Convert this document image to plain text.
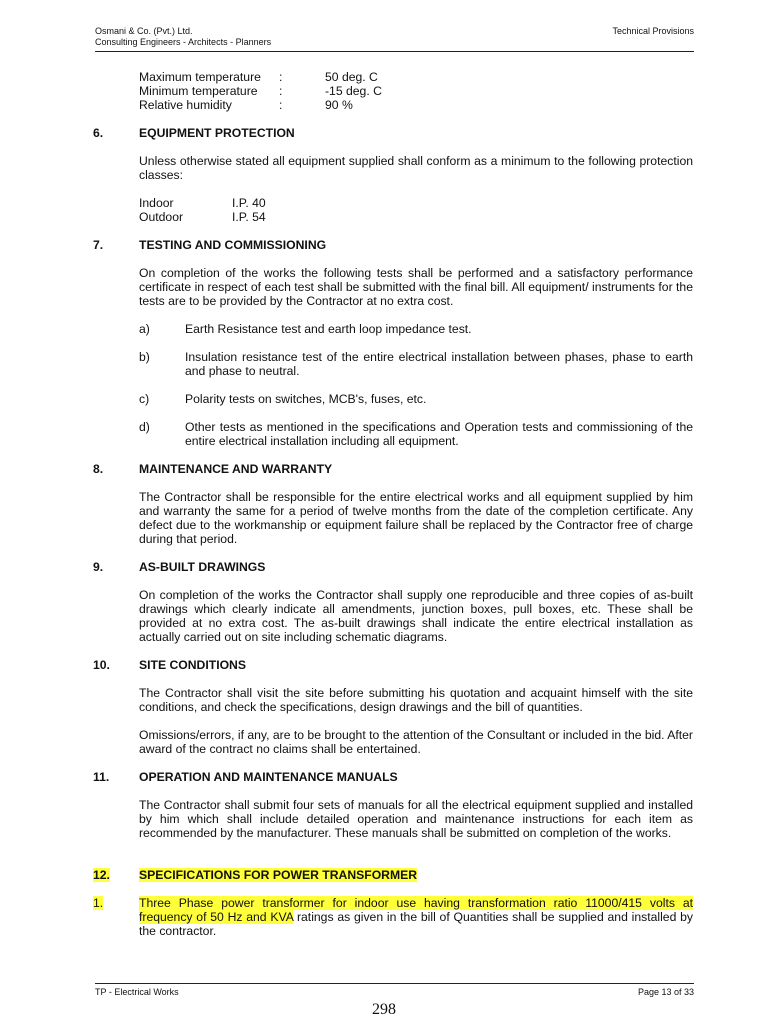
Osmani & Co. (Pvt.) Ltd.
Consulting Engineers - Architects - Planners
Technical Provisions
Maximum temperature :	50 deg. C
Minimum temperature :	-15 deg. C
Relative humidity	:	90 %
6.	EQUIPMENT PROTECTION
Unless otherwise stated all equipment supplied shall conform as a minimum to the following protection classes:
Indoor	I.P. 40
Outdoor	I.P. 54
7.	TESTING AND COMMISSIONING
On completion of the works the following tests shall be performed and a satisfactory performance certificate in respect of each test shall be submitted with the final bill. All equipment/ instruments for the tests are to be provided by the Contractor at no extra cost.
a)	Earth Resistance test and earth loop impedance test.
b)	Insulation resistance test of the entire electrical installation between phases, phase to earth and phase to neutral.
c)	Polarity tests on switches, MCB's, fuses, etc.
d)	Other tests as mentioned in the specifications and Operation tests and commissioning of the entire electrical installation including all equipment.
8.	MAINTENANCE AND WARRANTY
The Contractor shall be responsible for the entire electrical works and all equipment supplied by him and warranty the same for a period of twelve months from the date of the completion certificate. Any defect due to the workmanship or equipment failure shall be replaced by the Contractor free of charge during that period.
9.	AS-BUILT DRAWINGS
On completion of the works the Contractor shall supply one reproducible and three copies of as-built drawings which clearly indicate all amendments, junction boxes, pull boxes, etc. These shall be provided at no extra cost. The as-built drawings shall indicate the entire electrical installation as actually carried out on site including schematic diagrams.
10. SITE CONDITIONS
The Contractor shall visit the site before submitting his quotation and acquaint himself with the site conditions, and check the specifications, design drawings and the bill of quantities.
Omissions/errors, if any, are to be brought to the attention of the Consultant or included in the bid. After award of the contract no claims shall be entertained.
11. OPERATION AND MAINTENANCE MANUALS
The Contractor shall submit four sets of manuals for all the electrical equipment supplied and installed by him which shall include detailed operation and maintenance instructions for each item as recommended by the manufacturer. These manuals shall be submitted on completion of the works.
12. SPECIFICATIONS FOR POWER TRANSFORMER
1.	Three Phase power transformer for indoor use having transformation ratio 11000/415 volts at frequency of 50 Hz and KVA ratings as given in the bill of Quantities shall be supplied and installed by the contractor.
TP - Electrical Works	Page 13 of 33
298
